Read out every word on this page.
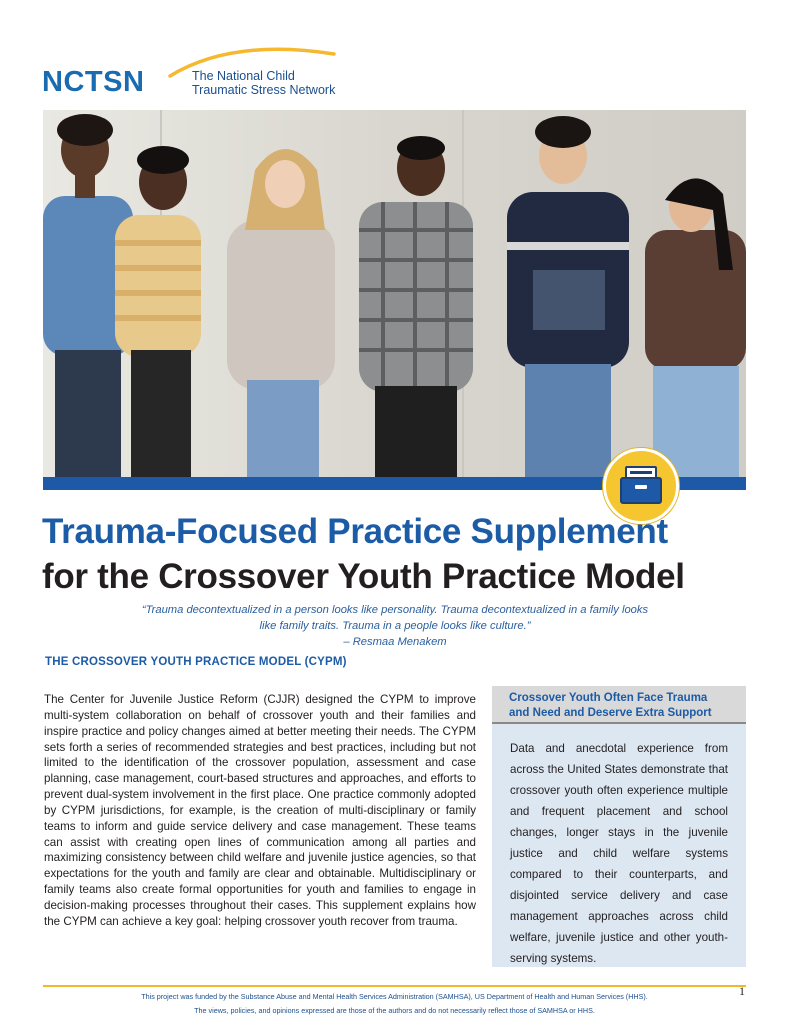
NCTSN	The National Child
Traumatic Stress Network
Trauma-Focused Practice Supplement
for the Crossover Youth Practice Model
“Trauma decontextualized in a person looks like personality. Trauma decontextualized in a family looks
like family traits. Trauma in a people looks like culture.”
– Resmaa Menakem
THE CROSSOVER YOUTH PRACTICE MODEL (CYPM)
The Center for Juvenile Justice Reform (CJJR) designed the CYPM to improve multi-system collaboration on behalf of crossover youth and their families and inspire practice and policy changes aimed at better meeting their needs. The CYPM sets forth a series of recommended strategies and best practices, including but not limited to the identification of the crossover population, assessment and case planning, case management, court-based structures and approaches, and efforts to prevent dual-system involvement in the first place. One practice commonly adopted by CYPM jurisdictions, for example, is the creation of multi-disciplinary or family teams to inform and guide service delivery and case management. These teams can assist with creating open lines of communication among all parties and maximizing consistency between child welfare and juvenile justice agencies, so that expectations for the youth and family are clear and obtainable. Multidisciplinary or family teams also create formal opportunities for youth and families to engage in decision-making processes throughout their cases. This supplement explains how the CYPM can achieve a key goal: helping crossover youth recover from trauma.
Crossover Youth Often Face Trauma
and Need and Deserve Extra Support
Data and anecdotal experience from across the United States demonstrate that crossover youth often experience multiple and frequent placement and school changes, longer stays in the juvenile justice and child welfare systems compared to their counterparts, and disjointed service delivery and case management approaches across child welfare, juvenile justice and other youth-serving systems.
This project was funded by the Substance Abuse and Mental Health Services Administration (SAMHSA), US Department of Health and Human Services (HHS).
The views, policies, and opinions expressed are those of the authors and do not necessarily reflect those of SAMHSA or HHS.
1
